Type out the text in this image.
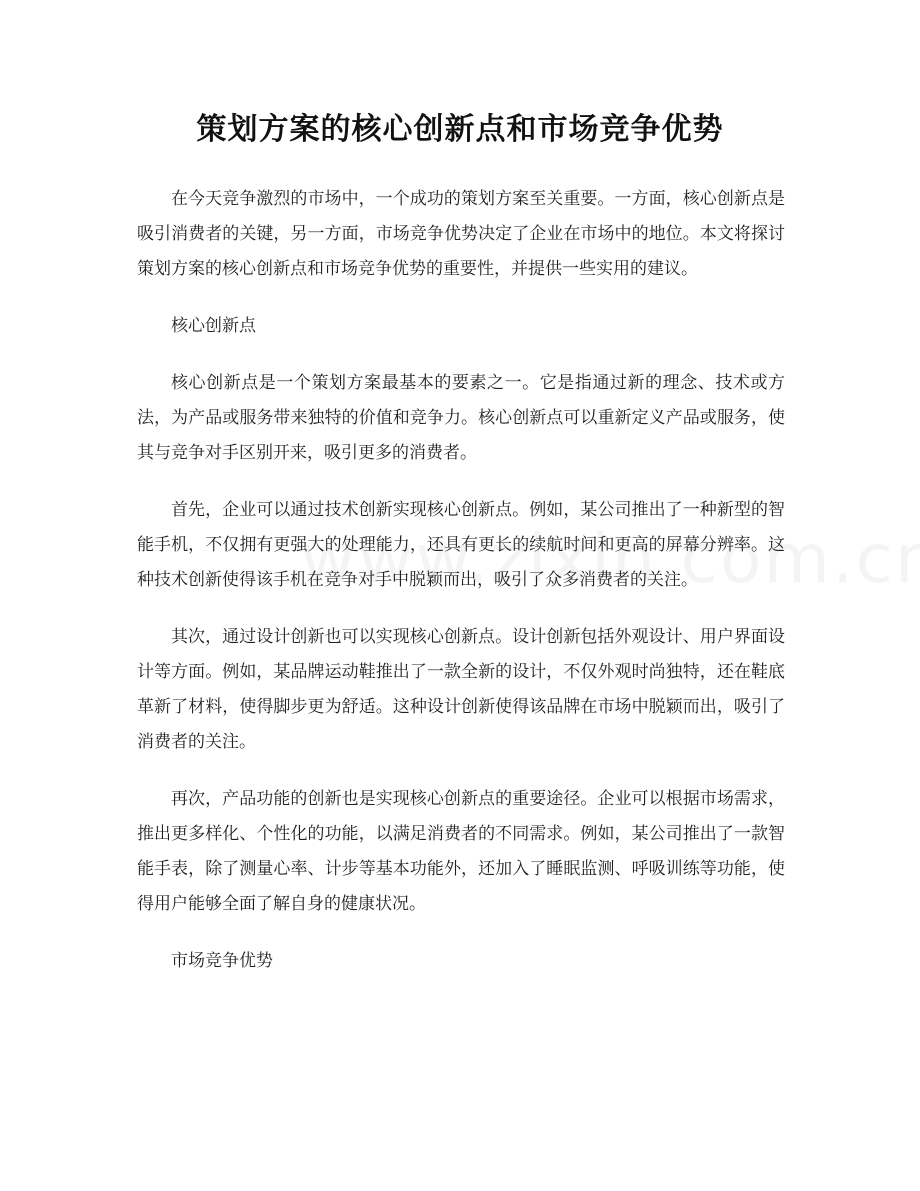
策划方案的核心创新点和市场竞争优势

在今天竞争激烈的市场中，一个成功的策划方案至关重要。一方面，核心创新点是吸引消费者的关键，另一方面，市场竞争优势决定了企业在市场中的地位。本文将探讨策划方案的核心创新点和市场竞争优势的重要性，并提供一些实用的建议。

核心创新点

核心创新点是一个策划方案最基本的要素之一。它是指通过新的理念、技术或方法，为产品或服务带来独特的价值和竞争力。核心创新点可以重新定义产品或服务，使其与竞争对手区别开来，吸引更多的消费者。

首先，企业可以通过技术创新实现核心创新点。例如，某公司推出了一种新型的智能手机，不仅拥有更强大的处理能力，还具有更长的续航时间和更高的屏幕分辨率。这种技术创新使得该手机在竞争对手中脱颖而出，吸引了众多消费者的关注。

其次，通过设计创新也可以实现核心创新点。设计创新包括外观设计、用户界面设计等方面。例如，某品牌运动鞋推出了一款全新的设计，不仅外观时尚独特，还在鞋底革新了材料，使得脚步更为舒适。这种设计创新使得该品牌在市场中脱颖而出，吸引了消费者的关注。

再次，产品功能的创新也是实现核心创新点的重要途径。企业可以根据市场需求，推出更多样化、个性化的功能，以满足消费者的不同需求。例如，某公司推出了一款智能手表，除了测量心率、计步等基本功能外，还加入了睡眠监测、呼吸训练等功能，使得用户能够全面了解自身的健康状况。

市场竞争优势
